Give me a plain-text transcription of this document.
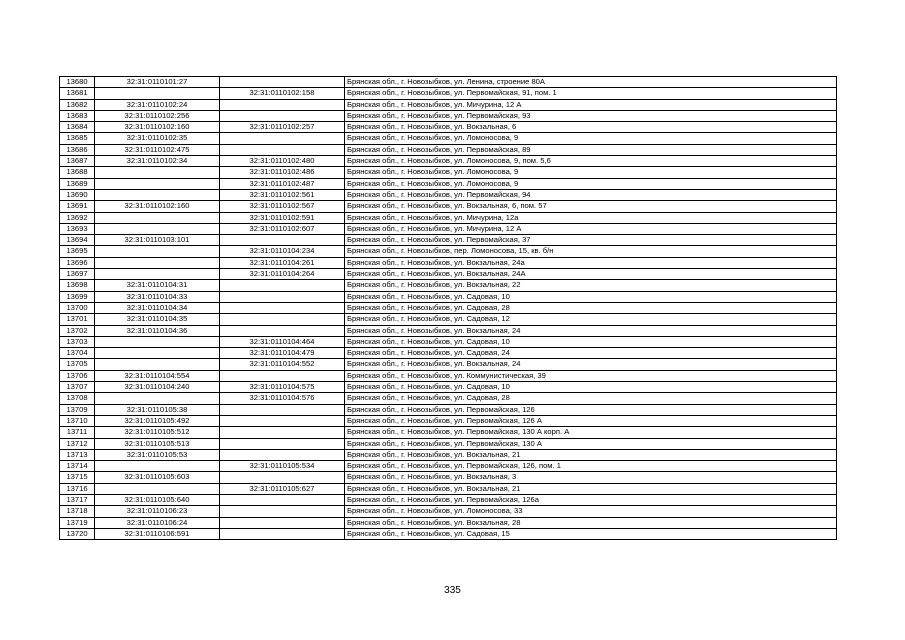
13680	32:31:0110101:27		Брянская обл., г. Новозыбков, ул. Ленина, строение 80А
13681		32:31:0110102:158	Брянская обл., г. Новозыбков, ул. Первомайская, 91, пом. 1
13682	32:31:0110102:24		Брянская обл., г. Новозыбков, ул. Мичурина, 12 А
13683	32:31:0110102:256		Брянская обл., г. Новозыбков, ул. Первомайская, 93
13684	32:31:0110102:160	32:31:0110102:257	Брянская обл., г. Новозыбков, ул. Вокзальная, 6
13685	32:31:0110102:35		Брянская обл., г. Новозыбков, ул. Ломоносова, 9
13686	32:31:0110102:475		Брянская обл., г. Новозыбков, ул. Первомайская, 89
13687	32:31:0110102:34	32:31:0110102:480	Брянская обл., г. Новозыбков, ул. Ломоносова, 9, пом. 5,6
13688		32:31:0110102:486	Брянская обл., г. Новозыбков, ул. Ломоносова, 9
13689		32:31:0110102:487	Брянская обл., г. Новозыбков, ул. Ломоносова, 9
13690		32:31:0110102:561	Брянская обл., г. Новозыбков, ул. Первомайская, 94
13691	32:31:0110102:160	32:31:0110102:567	Брянская обл., г. Новозыбков, ул. Вокзальная, 6, пом. 57
13692		32:31:0110102:591	Брянская обл., г. Новозыбков, ул. Мичурина, 12а
13693		32:31:0110102:607	Брянская обл., г. Новозыбков, ул. Мичурина, 12 А
13694	32:31:0110103:101		Брянская обл., г. Новозыбков, ул. Первомайская, 37
13695		32:31:0110104:234	Брянская обл., г. Новозыбков, пер. Ломоносова, 15, кв. б/н
13696		32:31:0110104:261	Брянская обл., г. Новозыбков, ул. Вокзальная, 24а
13697		32:31:0110104:264	Брянская обл., г. Новозыбков, ул. Вокзальная, 24А
13698	32:31:0110104:31		Брянская обл., г. Новозыбков, ул. Вокзальная, 22
13699	32:31:0110104:33		Брянская обл., г. Новозыбков, ул. Садовая, 10
13700	32:31:0110104:34		Брянская обл., г. Новозыбков, ул. Садовая, 28
13701	32:31:0110104:35		Брянская обл., г. Новозыбков, ул. Садовая, 12
13702	32:31:0110104:36		Брянская обл., г. Новозыбков, ул. Вокзальная, 24
13703		32:31:0110104:464	Брянская обл., г. Новозыбков, ул. Садовая, 10
13704		32:31:0110104:479	Брянская обл., г. Новозыбков, ул. Садовая, 24
13705		32:31:0110104:552	Брянская обл., г. Новозыбков, ул. Вокзальная, 24
13706	32:31:0110104:554		Брянская обл., г. Новозыбков, ул. Коммунистическая, 39
13707	32:31:0110104:240	32:31:0110104:575	Брянская обл., г. Новозыбков, ул. Садовая, 10
13708		32:31:0110104:576	Брянская обл., г. Новозыбков, ул. Садовая, 28
13709	32:31:0110105:38		Брянская обл., г. Новозыбков, ул. Первомайская, 126
13710	32:31:0110105:492		Брянская обл., г. Новозыбков, ул. Первомайская, 126 А
13711	32:31:0110105:512		Брянская обл., г. Новозыбков, ул. Первомайская, 130 А корп. А
13712	32:31:0110105:513		Брянская обл., г. Новозыбков, ул. Первомайская, 130 А
13713	32:31:0110105:53		Брянская обл., г. Новозыбков, ул. Вокзальная, 21
13714		32:31:0110105:534	Брянская обл., г. Новозыбков, ул. Первомайская, 126, пом. 1
13715	32:31:0110105:603		Брянская обл., г. Новозыбков, ул. Вокзальная, 3
13716		32:31:0110105:627	Брянская обл., г. Новозыбков, ул. Вокзальная, 21
13717	32:31:0110105:640		Брянская обл., г. Новозыбков, ул. Первомайская, 126а
13718	32:31:0110106:23		Брянская обл., г. Новозыбков, ул. Ломоносова, 33
13719	32:31:0110106:24		Брянская обл., г. Новозыбков, ул. Вокзальная, 28
13720	32:31:0110106:591		Брянская обл., г. Новозыбков, ул. Садовая, 15
335
